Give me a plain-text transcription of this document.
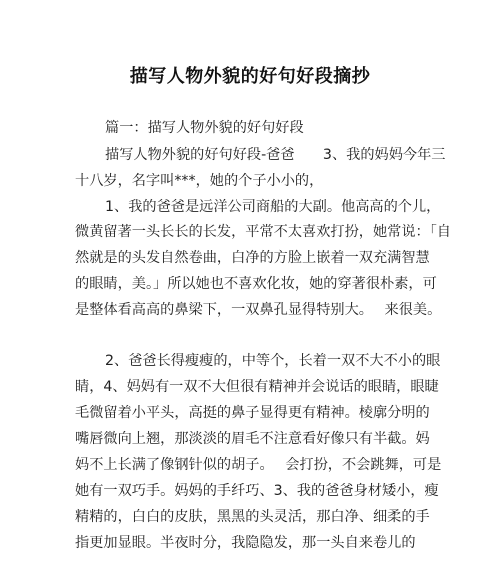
描写人物外貌的好句好段摘抄
篇一：描写人物外貌的好句好段
描写人物外貌的好句好段-爸爸　　3、我的妈妈今年三
十八岁，名字叫***，她的个子小小的，
1、我的爸爸是远洋公司商船的大副。他高高的个儿，
微黄留著一头长长的长发，平常不太喜欢打扮，她常说：「自
然就是的头发自然卷曲，白净的方脸上嵌着一双充满智慧
的眼睛，美。」所以她也不喜欢化妆，她的穿著很朴素，可
是整体看高高的鼻梁下，一双鼻孔显得特别大。　 来很美。
2、爸爸长得瘦瘦的，中等个，长着一双不大不小的眼
睛，4、妈妈有一双不大但很有精神并会说话的眼睛，眼睫
毛微留着小平头，高挺的鼻子显得更有精神。棱廓分明的
嘴唇微向上翘，那淡淡的眉毛不注意看好像只有半截。妈
妈不上长满了像钢针似的胡子。　 会打扮，不会跳舞，可是
她有一双巧手。妈妈的手纤巧、3、我的爸爸身材矮小，瘦
精精的，白白的皮肤，黑黑的头灵活，那白净、细柔的手
指更加显眼。半夜时分，我隐隐发，那一头自来卷儿的
